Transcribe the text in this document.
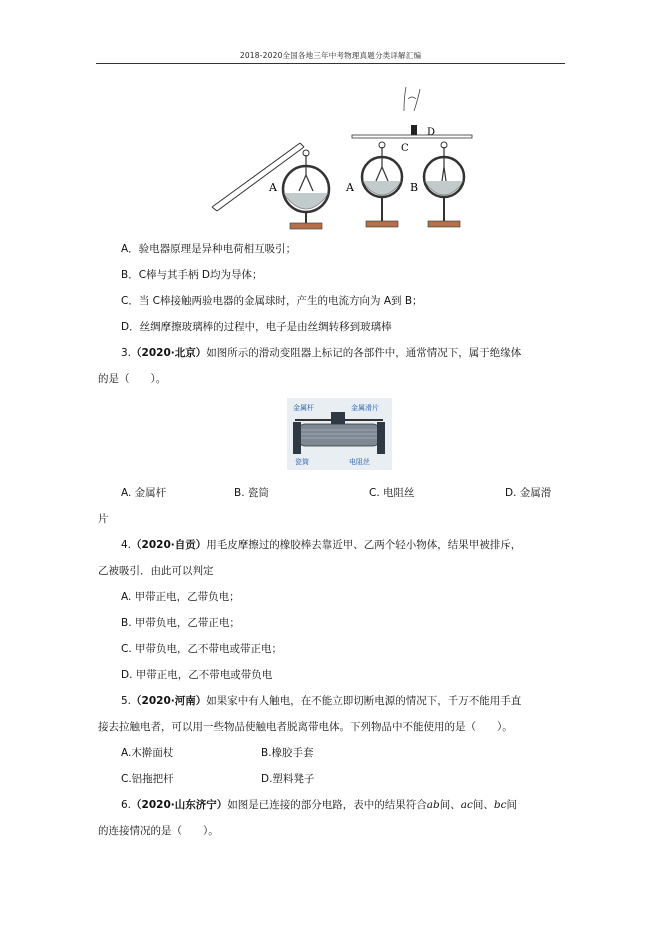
2018-2020全国各地三年中考物理真题分类详解汇编
A	A	B
C
D
A．验电器原理是异种电荷相互吸引；
B．C棒与其手柄 D均为导体；
C．当 C棒接触两验电器的金属球时，产生的电流方向为 A到 B；
D．丝绸摩擦玻璃棒的过程中，电子是由丝绸转移到玻璃棒
3.（2020·北京）如图所示的滑动变阻器上标记的各部件中，通常情况下，属于绝缘体
的是（　　）。
金属杆	金属滑片
瓷筒	电阻丝
A. 金属杆	B. 瓷筒	C. 电阻丝	D. 金属滑
片
4.（2020·自贡）用毛皮摩擦过的橡胶棒去靠近甲、乙两个轻小物体，结果甲被排斥，
乙被吸引．由此可以判定
A. 甲带正电，乙带负电；
B. 甲带负电，乙带正电；
C. 甲带负电，乙不带电或带正电；
D. 甲带正电，乙不带电或带负电
5.（2020·河南）如果家中有人触电，在不能立即切断电源的情况下，千万不能用手直
接去拉触电者，可以用一些物品使触电者脱离带电体。下列物品中不能使用的是（　　）。
A.木擀面杖	B.橡胶手套
C.铝拖把杆	D.塑料凳子
6.（2020·山东济宁）如图是已连接的部分电路，表中的结果符合ab间、ac间、bc间
的连接情况的是（　　）。
